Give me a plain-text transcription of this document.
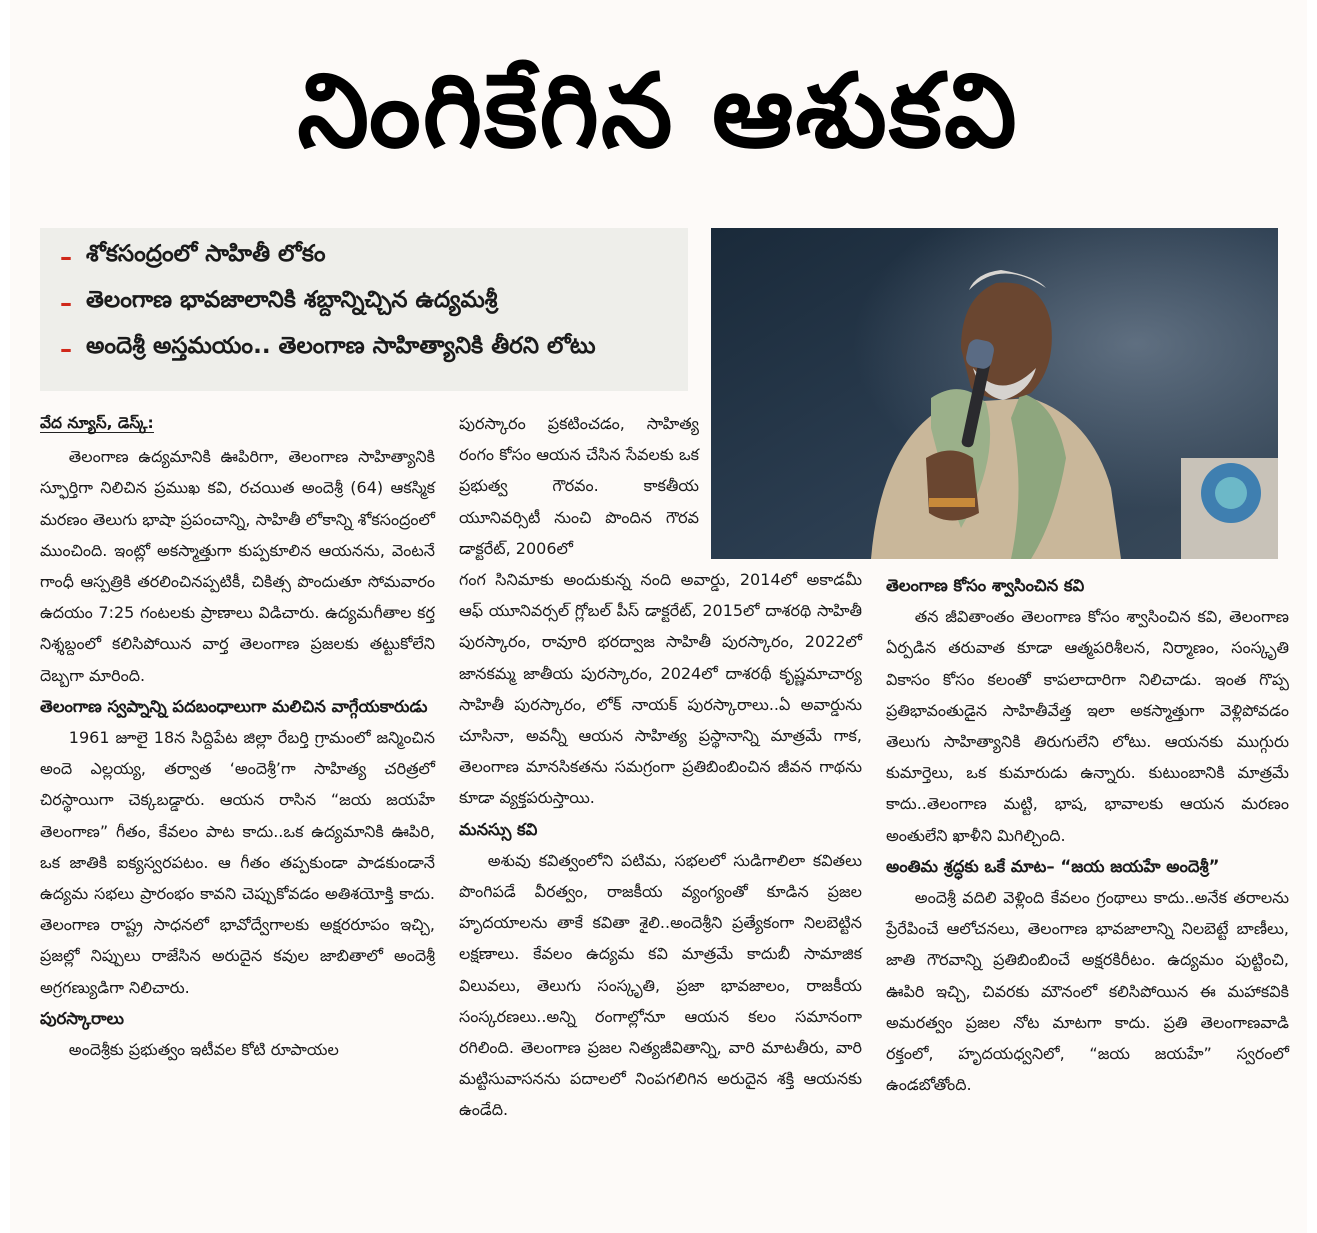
నింగికేగిన ఆశుకవి
– శోకసంద్రంలో సాహితీ లోకం
– తెలంగాణ భావజాలానికి శబ్దాన్నిచ్చిన ఉద్యమశ్రీ
– అందెశ్రీ అస్తమయం.. తెలంగాణ సాహిత్యానికి తీరని లోటు
వేద న్యూస్, డెస్క్:

తెలంగాణ ఉద్యమానికి ఊపిరిగా, తెలంగాణ సాహిత్యానికి స్ఫూర్తిగా నిలిచిన ప్రముఖ కవి, రచయిత అందెశ్రీ (64) ఆకస్మిక మరణం తెలుగు భాషా ప్రపంచాన్ని, సాహితీ లోకాన్ని శోకసంద్రంలో ముంచింది. ఇంట్లో అకస్మాత్తుగా కుప్పకూలిన ఆయనను, వెంటనే గాంధీ ఆస్పత్రికి తరలించినప్పటికీ, చికిత్స పొందుతూ సోమవారం ఉదయం 7:25 గంటలకు ప్రాణాలు విడిచారు. ఉద్యమగీతాల కర్త నిశ్శబ్దంలో కలిసిపోయిన వార్త తెలంగాణ ప్రజలకు తట్టుకోలేని దెబ్బగా మారింది.

తెలంగాణ స్వప్నాన్ని పదబంధాలుగా మలిచిన వాగ్గేయకారుడు

1961 జూలై 18న సిద్దిపేట జిల్లా రేబర్తి గ్రామంలో జన్మించిన అందె ఎల్లయ్య, తర్వాత ‘అందెశ్రీ’గా సాహిత్య చరిత్రలో చిరస్థాయిగా చెక్కబడ్డారు. ఆయన రాసిన “జయ జయహే తెలంగాణ” గీతం, కేవలం పాట కాదు..ఒక ఉద్యమానికి ఊపిరి, ఒక జాతికి ఐక్యస్వరపటం. ఆ గీతం తప్పకుండా పాడకుండానే ఉద్యమ సభలు ప్రారంభం కావని చెప్పుకోవడం అతిశయోక్తి కాదు. తెలంగాణ రాష్ట్ర సాధనలో భావోద్వేగాలకు అక్షరరూపం ఇచ్చి, ప్రజల్లో నిప్పులు రాజేసిన అరుదైన కవుల జాబితాలో అందెశ్రీ అగ్రగణ్యుడిగా నిలిచారు.

పురస్కారాలు

అందెశ్రీకు ప్రభుత్వం ఇటీవల కోటి రూపాయల

పురస్కారం ప్రకటించడం, సాహిత్య రంగం కోసం ఆయన చేసిన సేవలకు ఒక ప్రభుత్వ గౌరవం. కాకతీయ యూనివర్సిటీ నుంచి పొందిన గౌరవ డాక్టరేట్, 2006లో

గంగ సినిమాకు అందుకున్న నంది అవార్డు, 2014లో అకాడమీ ఆఫ్ యూనివర్సల్ గ్లోబల్ పీస్ డాక్టరేట్, 2015లో దాశరథి సాహితీ పురస్కారం, రావూరి భరద్వాజ సాహితీ పురస్కారం, 2022లో జానకమ్మ జాతీయ పురస్కారం, 2024లో దాశరథీ కృష్ణమాచార్య సాహితీ పురస్కారం, లోక్ నాయక్ పురస్కారాలు..ఏ అవార్డును చూసినా, అవన్నీ ఆయన సాహిత్య ప్రస్థానాన్ని మాత్రమే గాక, తెలంగాణ మానసికతను సమగ్రంగా ప్రతిబింబించిన జీవన గాథను కూడా వ్యక్తపరుస్తాయి.

మనస్సు కవి

అశువు కవిత్వంలోని పటిమ, సభలలో సుడిగాలిలా కవితలు పొంగిపడే వీరత్వం, రాజకీయ వ్యంగ్యంతో కూడిన ప్రజల హృదయాలను తాకే కవితా శైలి..అందెశ్రీని ప్రత్యేకంగా నిలబెట్టిన లక్షణాలు. కేవలం ఉద్యమ కవి మాత్రమే కాదుబీ సామాజిక విలువలు, తెలుగు సంస్కృతి, ప్రజా భావజాలం, రాజకీయ సంస్కరణలు..అన్ని రంగాల్లోనూ ఆయన కలం సమానంగా రగిలింది. తెలంగాణ ప్రజల నిత్యజీవితాన్ని, వారి మాటతీరు, వారి మట్టిసువాసనను పదాలలో నింపగలిగిన అరుదైన శక్తి ఆయనకు ఉండేది.

తెలంగాణ కోసం శ్వాసించిన కవి

తన జీవితాంతం తెలంగాణ కోసం శ్వాసించిన కవి, తెలంగాణ ఏర్పడిన తరువాత కూడా ఆత్మపరిశీలన, నిర్మాణం, సంస్కృతి వికాసం కోసం కలంతో కాపలాదారిగా నిలిచాడు. ఇంత గొప్ప ప్రతిభావంతుడైన సాహితీవేత్త ఇలా అకస్మాత్తుగా వెళ్లిపోవడం తెలుగు సాహిత్యానికి తిరుగులేని లోటు. ఆయనకు ముగ్గురు కుమార్తెలు, ఒక కుమారుడు ఉన్నారు. కుటుంబానికి మాత్రమే కాదు..తెలంగాణ మట్టి, భాష, భావాలకు ఆయన మరణం అంతులేని ఖాళీని మిగిల్చింది.

అంతిమ శ్రద్ధకు ఒకే మాట– “జయ జయహే అందెశ్రీ”

అందెశ్రీ వదిలి వెళ్లింది కేవలం గ్రంథాలు కాదు..అనేక తరాలను ప్రేరేపించే ఆలోచనలు, తెలంగాణ భావజాలాన్ని నిలబెట్టే బాణీలు, జాతి గౌరవాన్ని ప్రతిబింబించే అక్షరకిరీటం. ఉద్యమం పుట్టించి, ఊపిరి ఇచ్చి, చివరకు మౌనంలో కలిసిపోయిన ఈ మహాకవికి అమరత్వం ప్రజల నోట మాటగా కాదు. ప్రతి తెలంగాణవాడి రక్తంలో, హృదయధ్వనిలో, “జయ జయహే” స్వరంలో ఉండబోతోంది.
